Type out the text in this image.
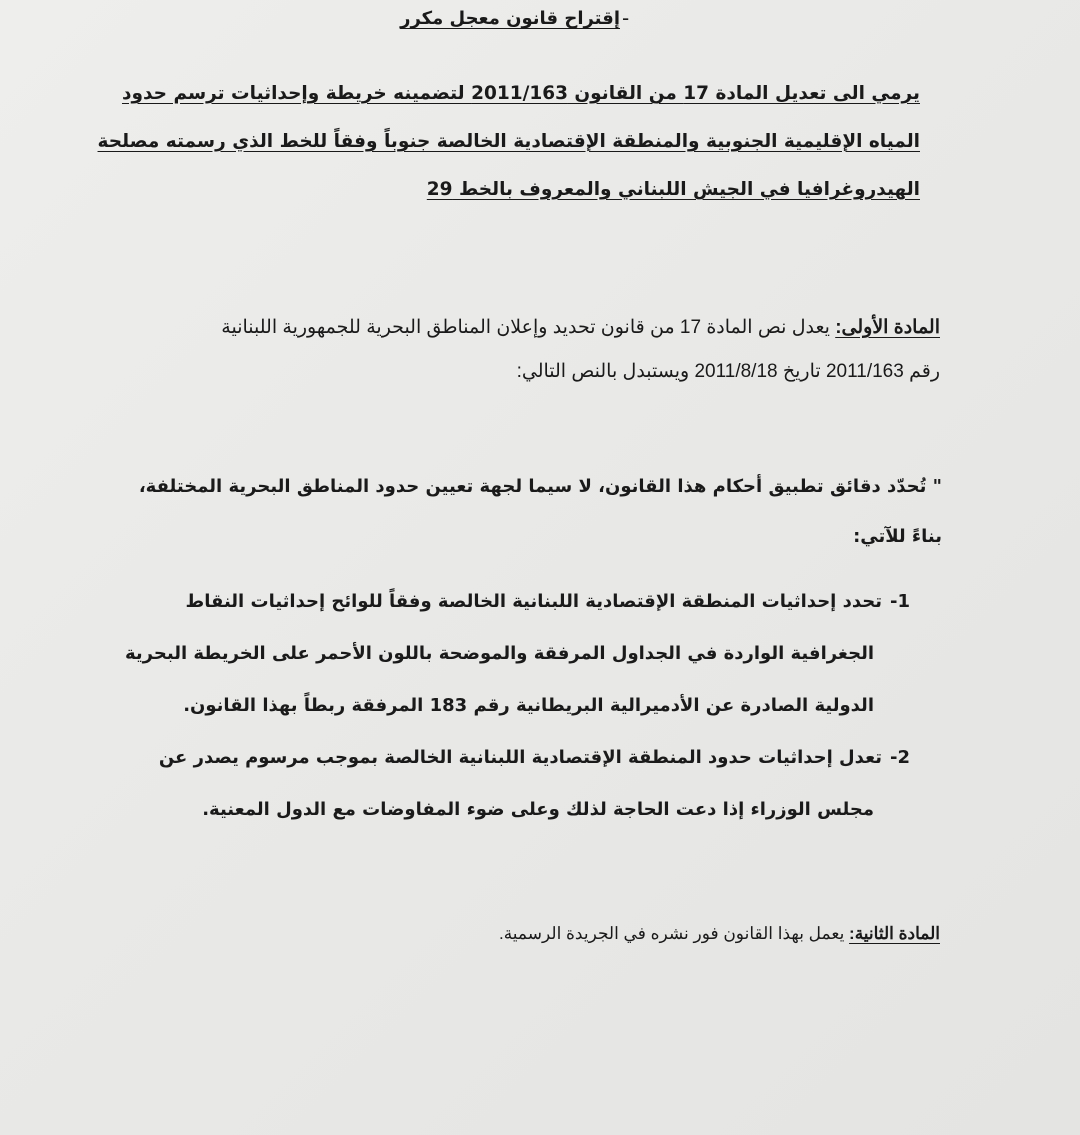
-
إقتراح قانون معجل مكرر
يرمي الى تعديل المادة 17 من القانون 2011/163 لتضمينه خريطة وإحداثيات ترسم حدود
المياه الإقليمية الجنوبية والمنطقة الإقتصادية الخالصة جنوباً وفقاً للخط الذي رسمته مصلحة
الهيدروغرافيا في الجيش اللبناني والمعروف بالخط 29
المادة الأولى: يعدل نص المادة 17 من قانون تحديد وإعلان المناطق البحرية للجمهورية اللبنانية
رقم 2011/163 تاريخ 2011/8/18 ويستبدل بالنص التالي:
" تُحدّد دقائق تطبيق أحكام هذا القانون، لا سيما لجهة تعيين حدود المناطق البحرية المختلفة،
بناءً للآتي:
1-تحدد إحداثيات المنطقة الإقتصادية اللبنانية الخالصة وفقاً للوائح إحداثيات النقاط
الجغرافية الواردة في الجداول المرفقة والموضحة باللون الأحمر على الخريطة البحرية
الدولية الصادرة عن الأدميرالية البريطانية رقم 183 المرفقة ربطاً بهذا القانون.
2-تعدل إحداثيات حدود المنطقة الإقتصادية اللبنانية الخالصة بموجب مرسوم يصدر عن
مجلس الوزراء إذا دعت الحاجة لذلك وعلى ضوء المفاوضات مع الدول المعنية.
المادة الثانية: يعمل بهذا القانون فور نشره في الجريدة الرسمية.
